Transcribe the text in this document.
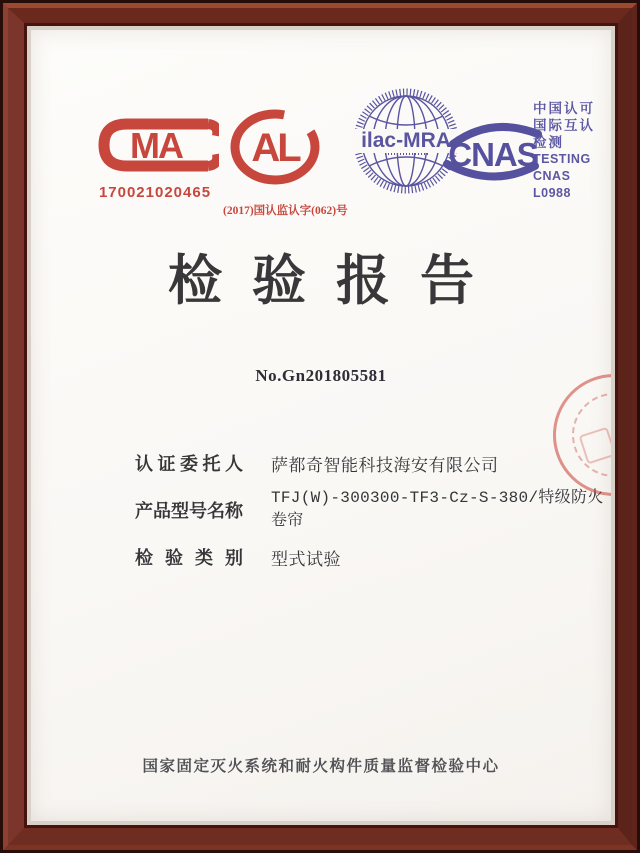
MA
170021020465
AL
(2017)国认监认字(062)号
ilac-MRA
CNAS
中国认可
国际互认
检测
TESTING
CNAS L0988
检验报告
No.Gn201805581
认证委托人 萨都奇智能科技海安有限公司
产品型号名称
TFJ(W)-300300-TF3-Cz-S-380/特级防火卷帘
检验类别 型式试验
国家固定灭火系统和耐火构件质量监督检验中心
